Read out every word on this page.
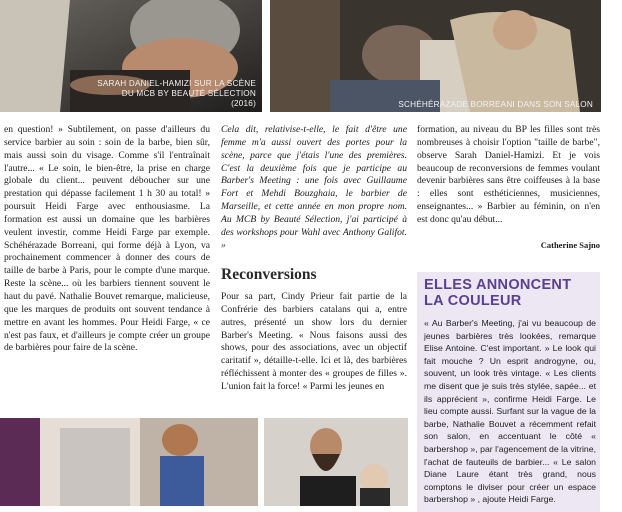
SARAH DANIEL-HAMIZI SUR LA SCÈNE DU MCB BY BEAUTÉ SÉLECTION (2016)	SCHÉHÉRAZADE BORREANI DANS SON SALON

en question! » Subtilement, on passe d'ailleurs du service barbier au soin : soin de la barbe, bien sûr, mais aussi soin du visage. Comme s'il l'entraînait l'autre... « Le soin, le bien-être, la prise en charge globale du client... peuvent déboucher sur une prestation qui dépasse facilement 1 h 30 au total! » poursuit Heidi Farge avec enthousiasme. La formation est aussi un domaine que les barbières veulent investir, comme Heidi Farge par exemple. Schéhérazade Borreani, qui forme déjà à Lyon, va prochainement commencer à donner des cours de taille de barbe à Paris, pour le compte d'une marque. Reste la scène... où les barbiers tiennent souvent le haut du pavé. Nathalie Bouvet remarque, malicieuse, que les marques de produits ont souvent tendance à mettre en avant les hommes. Pour Heidi Farge, « ce n'est pas faux, et d'ailleurs je compte créer un groupe de barbières pour faire de la scène.

Cela dit, relativise-t-elle, le fait d'être une femme m'a aussi ouvert des portes pour la scène, parce que j'étais l'une des premières. C'est la deuxième fois que je participe au Barber's Meeting : une fois avec Guillaume Fort et Mehdi Bouzghaia, le barbier de Marseille, et cette année en mon propre nom. Au MCB by Beauté Sélection, j'ai participé à des workshops pour Wahl avec Anthony Galifot. »

Reconversions

Pour sa part, Cindy Prieur fait partie de la Confrérie des barbiers catalans qui a, entre autres, présenté un show lors du dernier Barber's Meeting. « Nous faisons aussi des shows, pour des associations, avec un objectif caritatif », détaille-t-elle. Ici et là, des barbières réfléchissent à monter des « groupes de filles ». L'union fait la force! « Parmi les jeunes en

formation, au niveau du BP les filles sont très nombreuses à choisir l'option "taille de barbe", observe Sarah Daniel-Hamizi. Et je vois beaucoup de reconversions de femmes voulant devenir barbières sans être coiffeuses à la base : elles sont esthéticiennes, musiciennes, enseignantes... » Barbier au féminin, on n'en est donc qu'au début...

Catherine Sajno
ELLES ANNONCENT LA COULEUR
« Au Barber's Meeting, j'ai vu beaucoup de jeunes barbières très lookées, remarque Elise Antoine. C'est important. » Le look qui fait mouche ? Un esprit androgyne, ou, souvent, un look très vintage. « Les clients me disent que je suis très stylée, sapée... et ils apprécient », confirme Heidi Farge. Le lieu compte aussi. Surfant sur la vague de la barbe, Nathalie Bouvet a récemment refait son salon, en accentuant le côté « barbershop », par l'agencement de la vitrine, l'achat de fauteuils de barbier... « Le salon Diane Laure étant très grand, nous comptons le diviser pour créer un espace barbershop » , ajoute Heidi Farge.
